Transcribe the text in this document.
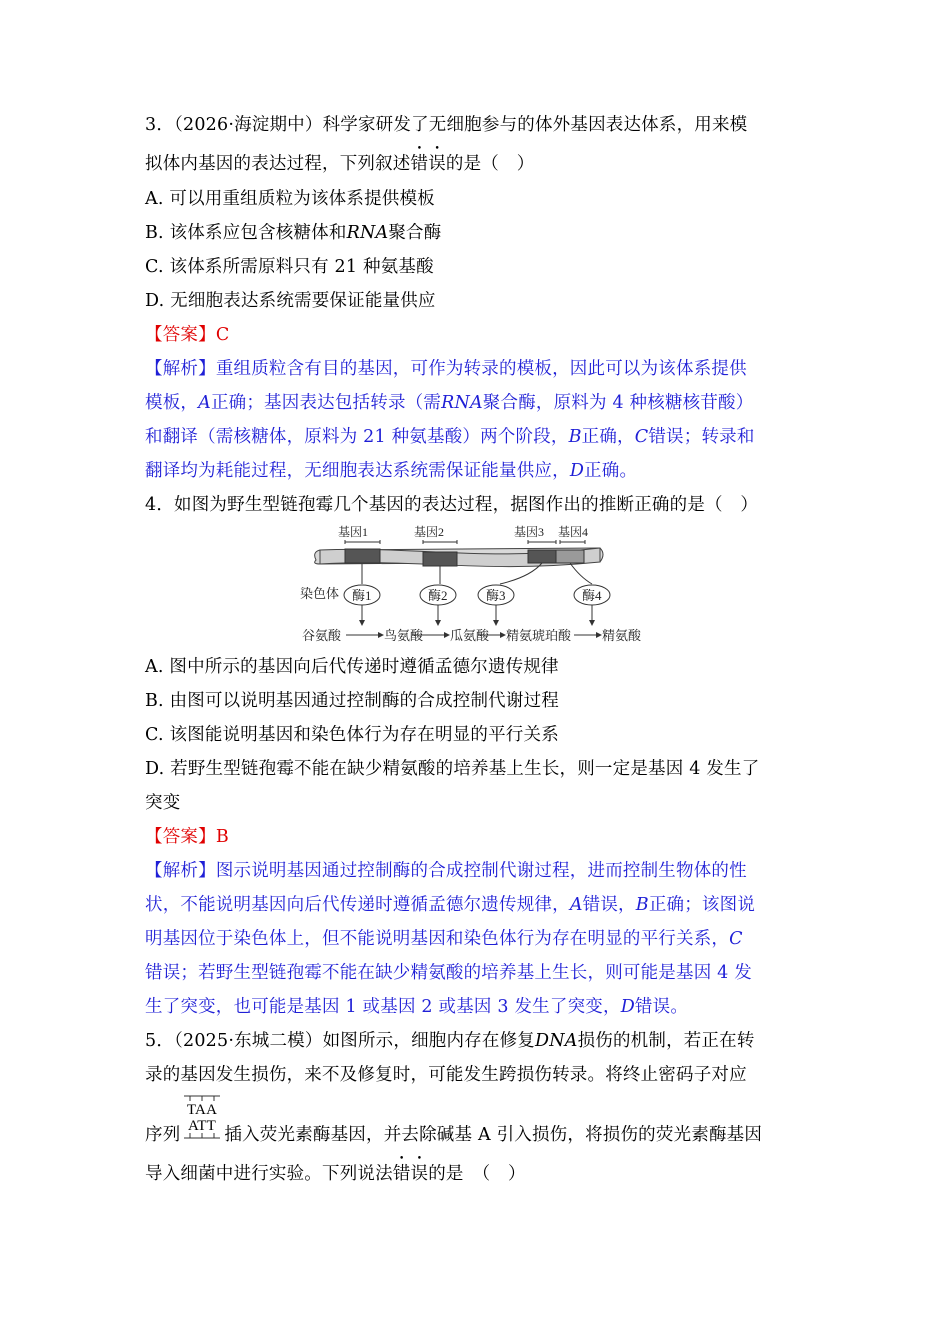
3．（2026·海淀期中）科学家研发了无细胞参与的体外基因表达体系，用来模
拟体内基因的表达过程，下列叙述错误的是（　）
A. 可以用重组质粒为该体系提供模板
B. 该体系应包含核糖体和RNA聚合酶
C. 该体系所需原料只有 21 种氨基酸
D. 无细胞表达系统需要保证能量供应
【答案】C
【解析】重组质粒含有目的基因，可作为转录的模板，因此可以为该体系提供
模板，A正确；基因表达包括转录（需RNA聚合酶，原料为 4 种核糖核苷酸）
和翻译（需核糖体，原料为 21 种氨基酸）两个阶段，B正确，C错误；转录和
翻译均为耗能过程，无细胞表达系统需保证能量供应，D正确。
4．如图为野生型链孢霉几个基因的表达过程，据图作出的推断正确的是（　）
基因1	基因2	基因3 基因4
染色体 酶1	酶2	酶3	酶4
谷氨酸	鸟氨酸 瓜氨酸 精氨琥珀酸 精氨酸
A. 图中所示的基因向后代传递时遵循孟德尔遗传规律
B. 由图可以说明基因通过控制酶的合成控制代谢过程
C. 该图能说明基因和染色体行为存在明显的平行关系
D. 若野生型链孢霉不能在缺少精氨酸的培养基上生长，则一定是基因 4 发生了
突变
【答案】B
【解析】图示说明基因通过控制酶的合成控制代谢过程，进而控制生物体的性
状，不能说明基因向后代传递时遵循孟德尔遗传规律，A错误，B正确；该图说
明基因位于染色体上，但不能说明基因和染色体行为存在明显的平行关系，C
错误；若野生型链孢霉不能在缺少精氨酸的培养基上生长，则可能是基因 4 发
生了突变，也可能是基因 1 或基因 2 或基因 3 发生了突变，D错误。
5．（2025·东城二模）如图所示，细胞内存在修复DNA损伤的机制，若正在转
录的基因发生损伤，来不及修复时，可能发生跨损伤转录。将终止密码子对应
序列
TAA
ATT 插入荧光素酶基因，并去除碱基 A 引入损伤，将损伤的荧光素酶基因
导入细菌中进行实验。下列说法错误的是　（　）
